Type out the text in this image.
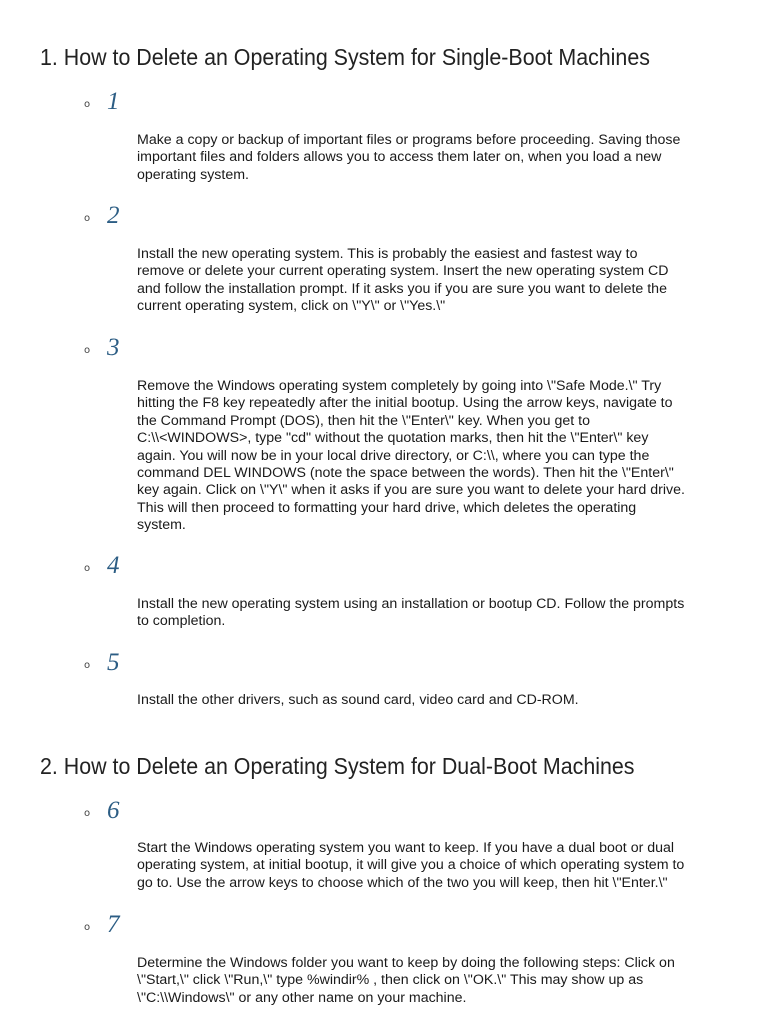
1. How to Delete an Operating System for Single-Boot Machines
o 1

Make a copy or backup of important files or programs before proceeding. Saving those
important files and folders allows you to access them later on, when you load a new
operating system.

o 2

Install the new operating system. This is probably the easiest and fastest way to
remove or delete your current operating system. Insert the new operating system CD
and follow the installation prompt. If it asks you if you are sure you want to delete the
current operating system, click on \"Y\" or \"Yes.\"

o 3

Remove the Windows operating system completely by going into \"Safe Mode.\" Try
hitting the F8 key repeatedly after the initial bootup. Using the arrow keys, navigate to
the Command Prompt (DOS), then hit the \"Enter\" key. When you get to
C:\\<WINDOWS>, type "cd" without the quotation marks, then hit the \"Enter\" key
again. You will now be in your local drive directory, or C:\\, where you can type the
command DEL WINDOWS (note the space between the words). Then hit the \"Enter\"
key again. Click on \"Y\" when it asks if you are sure you want to delete your hard drive.
This will then proceed to formatting your hard drive, which deletes the operating
system.

o 4

Install the new operating system using an installation or bootup CD. Follow the prompts
to completion.

o 5

Install the other drivers, such as sound card, video card and CD-ROM.

2. How to Delete an Operating System for Dual-Boot Machines
o 6

Start the Windows operating system you want to keep. If you have a dual boot or dual
operating system, at initial bootup, it will give you a choice of which operating system to
go to. Use the arrow keys to choose which of the two you will keep, then hit \"Enter.\"

o 7

Determine the Windows folder you want to keep by doing the following steps: Click on
\"Start,\" click \"Run,\" type %windir% , then click on \"OK.\" This may show up as
\"C:\\Windows\" or any other name on your machine.
